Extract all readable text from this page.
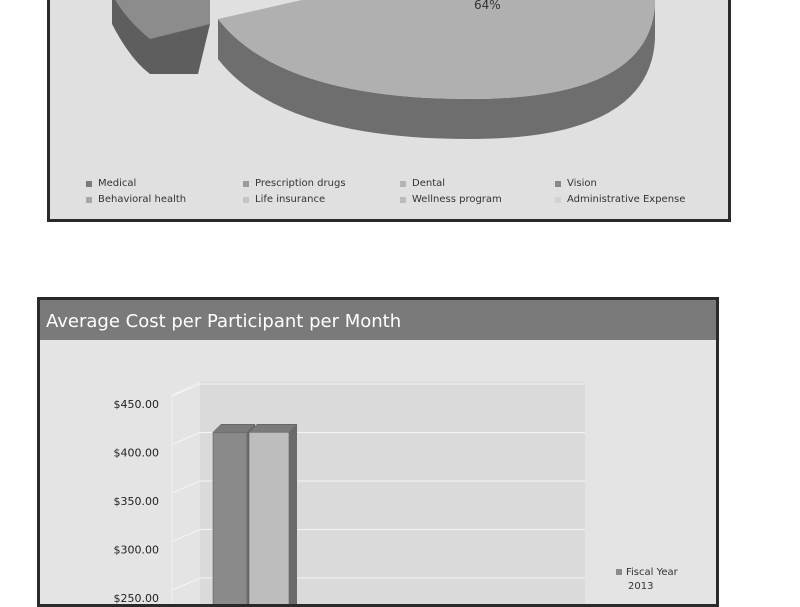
64%
Medical	Prescription drugs	Dental	Vision
Behavioral health	Life insurance	Wellness program	Administrative Expense
Average Cost per Participant per Month
$450.00
$400.00
$350.00
$300.00
$250.00
Fiscal Year
2013
